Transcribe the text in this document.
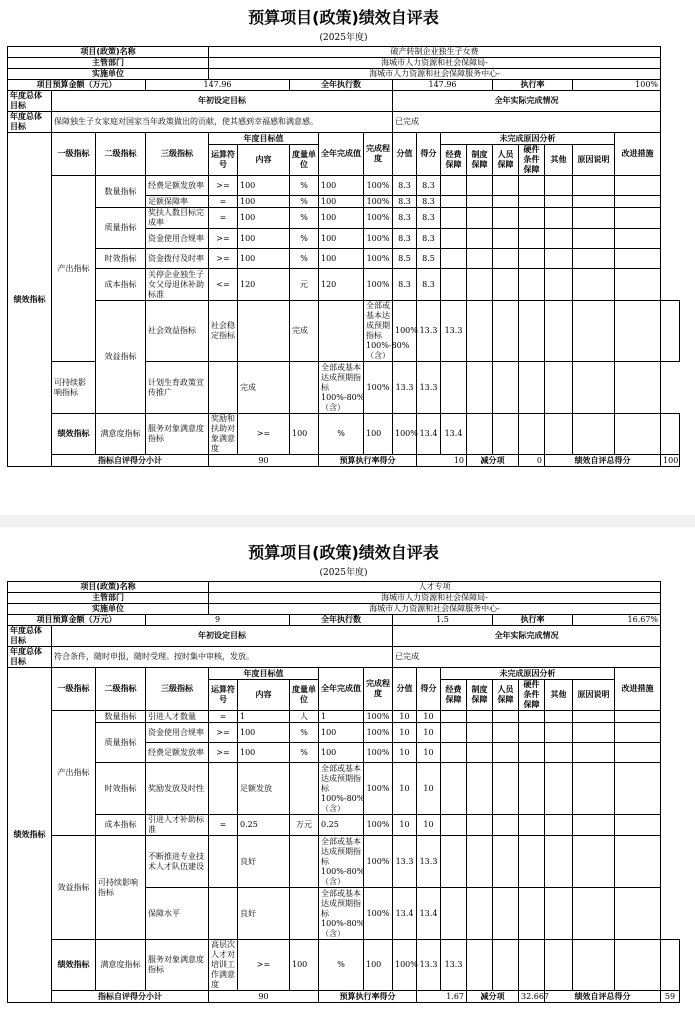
预算项目(政策)绩效自评表
(2025年度)
项目(政策)名称				破产转制企业独生子女费														
主管部门				海城市人力资源和社会保障局-														
实施单位				海城市人力资源和社会保障服务中心-														
项目预算金额（万元）			147.96			全年执行数			147.96				执行率			100%		
年度总体目标	年初设定目标								全年实际完成情况									
年度总体目标	保障独生子女家庭对国家当年政策做出的贡献，使其感到幸福感和满意感。								已完成									
绩效指标	一级指标	二级指标	三级指标	年度目标值			全年完成值	完成程度	分值	得分	未完成原因分析						改进措施	
				运算符号	内容	度量单位					经费保障	制度保障	人员保障	硬件条件保障	其他	原因说明		
	产出指标	数量指标	经费足额发放率	>=	100	%	100	100%	8.3	8.3								
			足额保障率	=	100	%	100	100%	8.3	8.3								
		质量指标	奖扶人数目标完成率	=	100	%	100	100%	8.3	8.3								
			资金使用合规率	>=	100	%	100	100%	8.3	8.3								
		时效指标	资金拨付及时率	>=	100	%	100	100%	8.5	8.5								
		成本指标	关停企业独生子女父母退休补助标准	<=	120	元	120	100%	8.3	8.3								
		效益指标	社会效益指标	社会稳定指标		完成		全部或基本达成预期指标100%-80%（含）	100%	13.3	13.3							
	可持续影响指标		计划生育政策宣传推广		完成		全部或基本达成预期指标100%-80%（含）	100%	13.3	13.3								
	绩效指标	满意度指标	服务对象满意度指标	奖励和扶助对象满意度	>=	100	%	100	100%	13.4	13.4							
	指标自评得分小计			90			预算执行率得分			10		减分项		0	绩效自评总得分			100
预算项目(政策)绩效自评表
(2025年度)
项目(政策)名称				人才专项														
主管部门				海城市人力资源和社会保障局-														
实施单位				海城市人力资源和社会保障服务中心-														
项目预算金额（万元）			9			全年执行数			1.5				执行率			16.67%		
年度总体目标	年初设定目标								全年实际完成情况									
年度总体目标	符合条件，随时申报，随时受理。按时集中审核，发放。								已完成									
绩效指标	一级指标	二级指标	三级指标	年度目标值			全年完成值	完成程度	分值	得分	未完成原因分析						改进措施	
				运算符号	内容	度量单位					经费保障	制度保障	人员保障	硬件条件保障	其他	原因说明		
	产出指标	数量指标	引进人才数量	=	1	人	1	100%	10	10								
		质量指标	资金使用合规率	>=	100	%	100	100%	10	10								
			经费足额发放率	>=	100	%	100	100%	10	10								
		时效指标	奖励发放及时性		足额发放		全部或基本达成预期指标100%-80%（含）	100%	10	10								
		成本指标	引进人才补助标准	=	0.25	万元	0.25	100%	10	10								
	效益指标	可持续影响指标	不断推进专业技术人才队伍建设		良好		全部或基本达成预期指标100%-80%（含）	100%	13.3	13.3								
			保障水平		良好		全部或基本达成预期指标100%-80%（含）	100%	13.4	13.4								
	绩效指标	满意度指标	服务对象满意度指标	高层次人才对培训工作满意度	>=	100	%	100	100%	13.3	13.3							
	指标自评得分小计			90			预算执行率得分			1.67		减分项		32.667	绩效自评总得分			59
